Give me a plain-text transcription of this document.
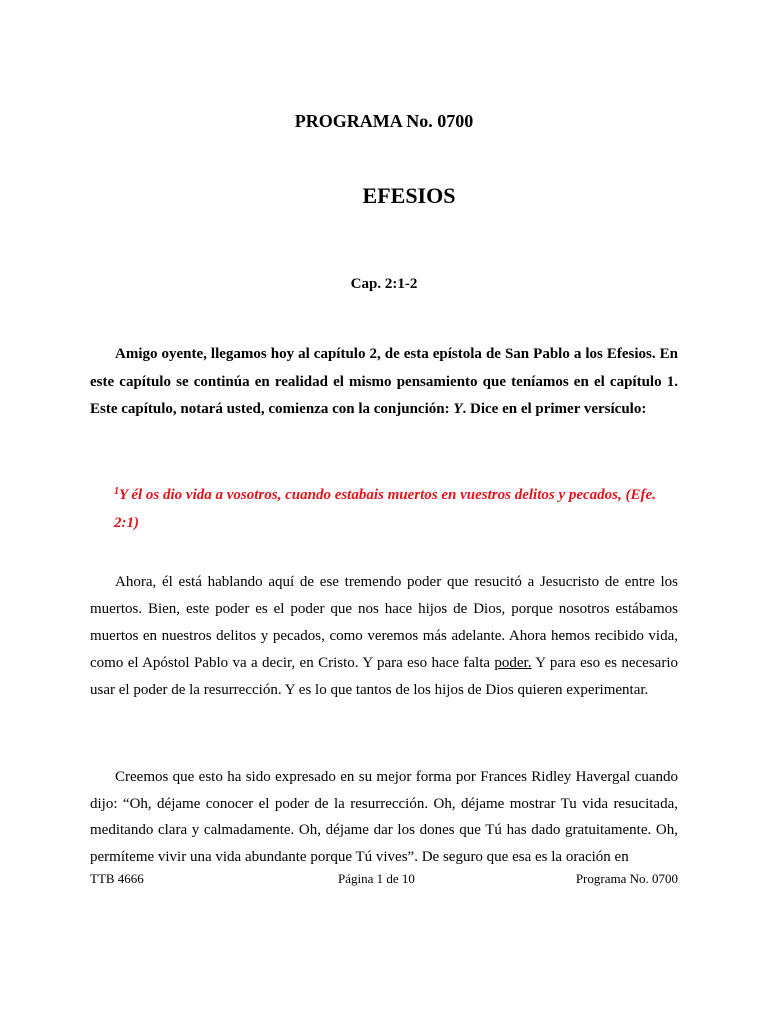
PROGRAMA No. 0700
EFESIOS
Cap. 2:1-2

Amigo oyente, llegamos hoy al capítulo 2, de esta epístola de San Pablo a los Efesios. En este capítulo se continúa en realidad el mismo pensamiento que teníamos en el capítulo 1. Este capítulo, notará usted, comienza con la conjunción: Y. Dice en el primer versículo:

$^1$Y él os dio vida a vosotros, cuando estabais muertos en vuestros delitos y pecados, (Efe. 2:1)

Ahora, él está hablando aquí de ese tremendo poder que resucitó a Jesucristo de entre los muertos. Bien, este poder es el poder que nos hace hijos de Dios, porque nosotros estábamos muertos en nuestros delitos y pecados, como veremos más adelante. Ahora hemos recibido vida, como el Apóstol Pablo va a decir, en Cristo. Y para eso hace falta poder. Y para eso es necesario usar el poder de la resurrección. Y es lo que tantos de los hijos de Dios quieren experimentar.

Creemos que esto ha sido expresado en su mejor forma por Frances Ridley Havergal cuando dijo: “Oh, déjame conocer el poder de la resurrección. Oh, déjame mostrar Tu vida resucitada, meditando clara y calmadamente. Oh, déjame dar los dones que Tú has dado gratuitamente. Oh, permíteme vivir una vida abundante porque Tú vives”. De seguro que esa es la oración en

TTB 4666	Página 1 de 10	Programa No. 0700
